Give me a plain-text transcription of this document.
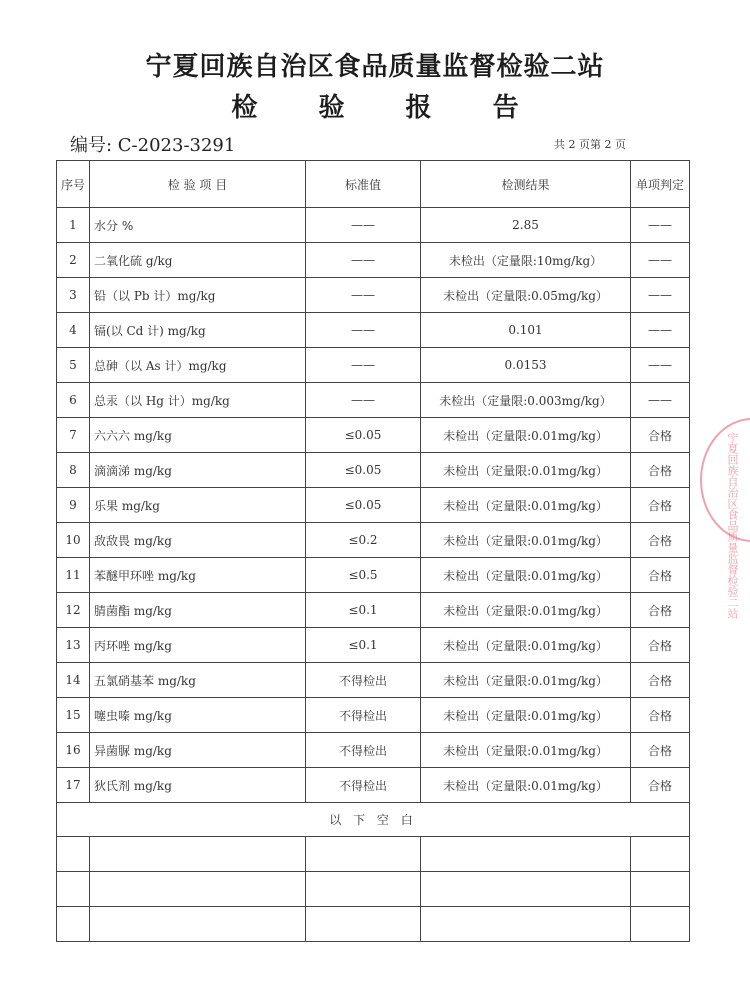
宁夏回族自治区食品质量监督检验二站
检 验 报 告
编号: C-2023-3291	共 2 页第 2 页
序号	检 验 项 目	标准值	检测结果	单项判定
1	水分 %	——	2.85	——
2	二氧化硫 g/kg	——	未检出（定量限:10mg/kg）	——
3	铅（以 Pb 计）mg/kg	——	未检出（定量限:0.05mg/kg）	——
4	镉(以 Cd 计) mg/kg	——	0.101	——
5	总砷（以 As 计）mg/kg	——	0.0153	——
6	总汞（以 Hg 计）mg/kg	——	未检出（定量限:0.003mg/kg）	——
7	六六六 mg/kg	≤0.05	未检出（定量限:0.01mg/kg）	合格
8	滴滴涕 mg/kg	≤0.05	未检出（定量限:0.01mg/kg）	合格
9	乐果 mg/kg	≤0.05	未检出（定量限:0.01mg/kg）	合格
10	敌敌畏 mg/kg	≤0.2	未检出（定量限:0.01mg/kg）	合格
11	苯醚甲环唑 mg/kg	≤0.5	未检出（定量限:0.01mg/kg）	合格
12	腈菌酯 mg/kg	≤0.1	未检出（定量限:0.01mg/kg）	合格
13	丙环唑 mg/kg	≤0.1	未检出（定量限:0.01mg/kg）	合格
14	五氯硝基苯 mg/kg	不得检出	未检出（定量限:0.01mg/kg）	合格
15	噻虫嗪 mg/kg	不得检出	未检出（定量限:0.01mg/kg）	合格
16	异菌脲 mg/kg	不得检出	未检出（定量限:0.01mg/kg）	合格
17	狄氏剂 mg/kg	不得检出	未检出（定量限:0.01mg/kg）	合格
以 下 空 白				

宁夏回族自治区食品质量监督检验二站
